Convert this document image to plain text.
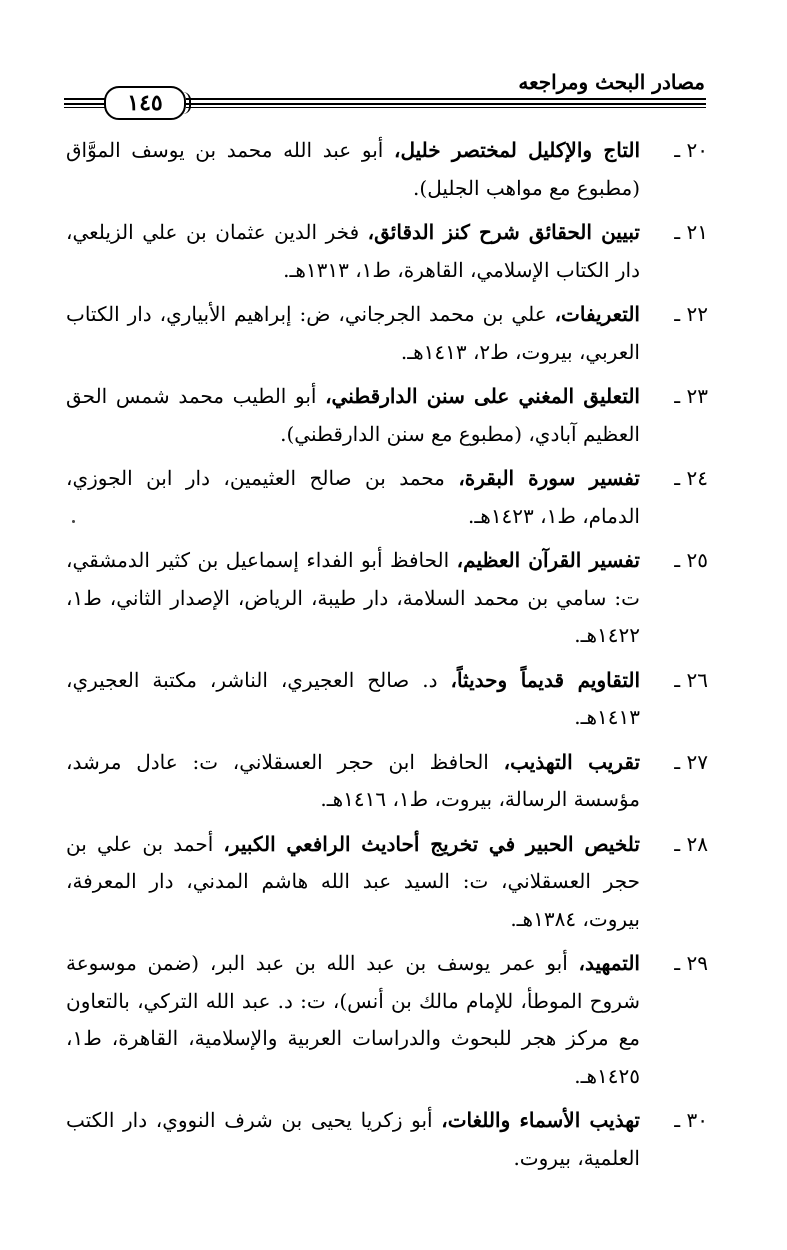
مصادر البحث ومراجعه
١٤٥
٢٠ ـ
التاج والإكليل لمختصر خليل، أبو عبد الله محمد بن يوسف الموَّاق (مطبوع مع مواهب الجليل).
٢١ ـ
تبيين الحقائق شرح كنز الدقائق، فخر الدين عثمان بن علي الزيلعي، دار الكتاب الإسلامي، القاهرة، ط١، ١٣١٣هـ.
٢٢ ـ
التعريفات، علي بن محمد الجرجاني، ض: إبراهيم الأبياري، دار الكتاب العربي، بيروت، ط٢، ١٤١٣هـ.
٢٣ ـ
التعليق المغني على سنن الدارقطني، أبو الطيب محمد شمس الحق العظيم آبادي، (مطبوع مع سنن الدارقطني).
٢٤ ـ
تفسير سورة البقرة، محمد بن صالح العثيمين، دار ابن الجوزي، الدمام، ط١، ١٤٢٣هـ.
٢٥ ـ
تفسير القرآن العظيم، الحافظ أبو الفداء إسماعيل بن كثير الدمشقي، ت: سامي بن محمد السلامة، دار طيبة، الرياض، الإصدار الثاني، ط١، ١٤٢٢هـ.
٢٦ ـ
التقاويم قديماً وحديثاً، د. صالح العجيري، الناشر، مكتبة العجيري، ١٤١٣هـ.
٢٧ ـ
تقريب التهذيب، الحافظ ابن حجر العسقلاني، ت: عادل مرشد، مؤسسة الرسالة، بيروت، ط١، ١٤١٦هـ.
٢٨ ـ
تلخيص الحبير في تخريج أحاديث الرافعي الكبير، أحمد بن علي بن حجر العسقلاني، ت: السيد عبد الله هاشم المدني، دار المعرفة، بيروت، ١٣٨٤هـ.
٢٩ ـ
التمهيد، أبو عمر يوسف بن عبد الله بن عبد البر، (ضمن موسوعة شروح الموطأ، للإمام مالك بن أنس)، ت: د. عبد الله التركي، بالتعاون مع مركز هجر للبحوث والدراسات العربية والإسلامية، القاهرة، ط١، ١٤٢٥هـ.
٣٠ ـ
تهذيب الأسماء واللغات، أبو زكريا يحيى بن شرف النووي، دار الكتب العلمية، بيروت.
